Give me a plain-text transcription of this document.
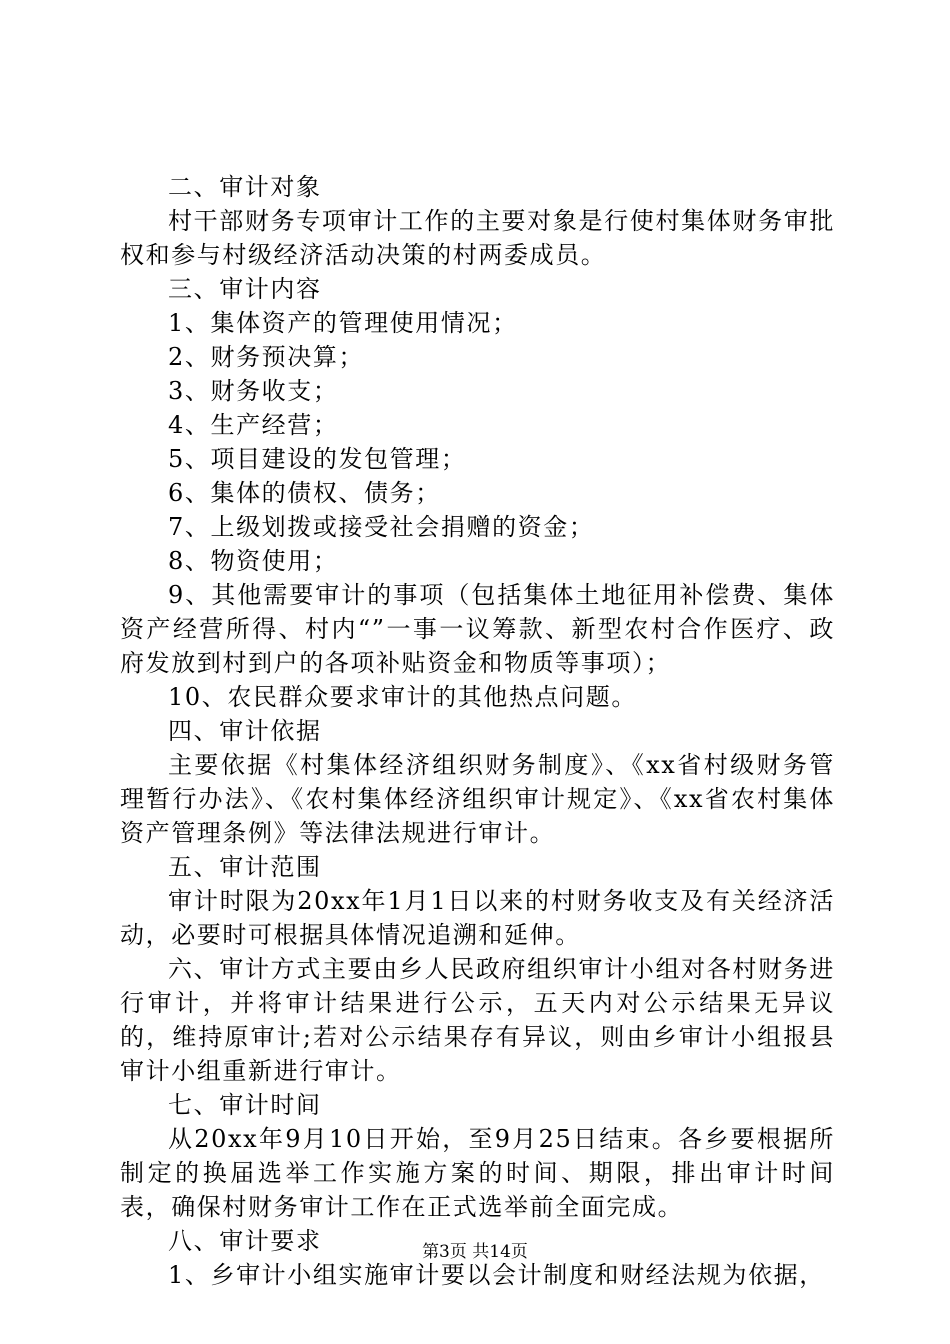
二、审计对象

村干部财务专项审计工作的主要对象是行使村集体财务审批权和参与村级经济活动决策的村两委成员。

三、审计内容

1、集体资产的管理使用情况；

2、财务预决算；

3、财务收支；

4、生产经营；

5、项目建设的发包管理；

6、集体的债权、债务；

7、上级划拨或接受社会捐赠的资金；

8、物资使用；

9、其他需要审计的事项（包括集体土地征用补偿费、集体资产经营所得、村内“”一事一议筹款、新型农村合作医疗、政府发放到村到户的各项补贴资金和物质等事项）；

10、农民群众要求审计的其他热点问题。

四、审计依据

主要依据《村集体经济组织财务制度》、《xx省村级财务管理暂行办法》、《农村集体经济组织审计规定》、《xx省农村集体资产管理条例》等法律法规进行审计。

五、审计范围

审计时限为20xx年1月1日以来的村财务收支及有关经济活动，必要时可根据具体情况追溯和延伸。

六、审计方式主要由乡人民政府组织审计小组对各村财务进行审计，并将审计结果进行公示，五天内对公示结果无异议的，维持原审计;若对公示结果存有异议，则由乡审计小组报县审计小组重新进行审计。

七、审计时间

从20xx年9月10日开始，至9月25日结束。各乡要根据所制定的换届选举工作实施方案的时间、期限，排出审计时间表，确保村财务审计工作在正式选举前全面完成。

八、审计要求

1、乡审计小组实施审计要以会计制度和财经法规为依据，

第3页 共14页
